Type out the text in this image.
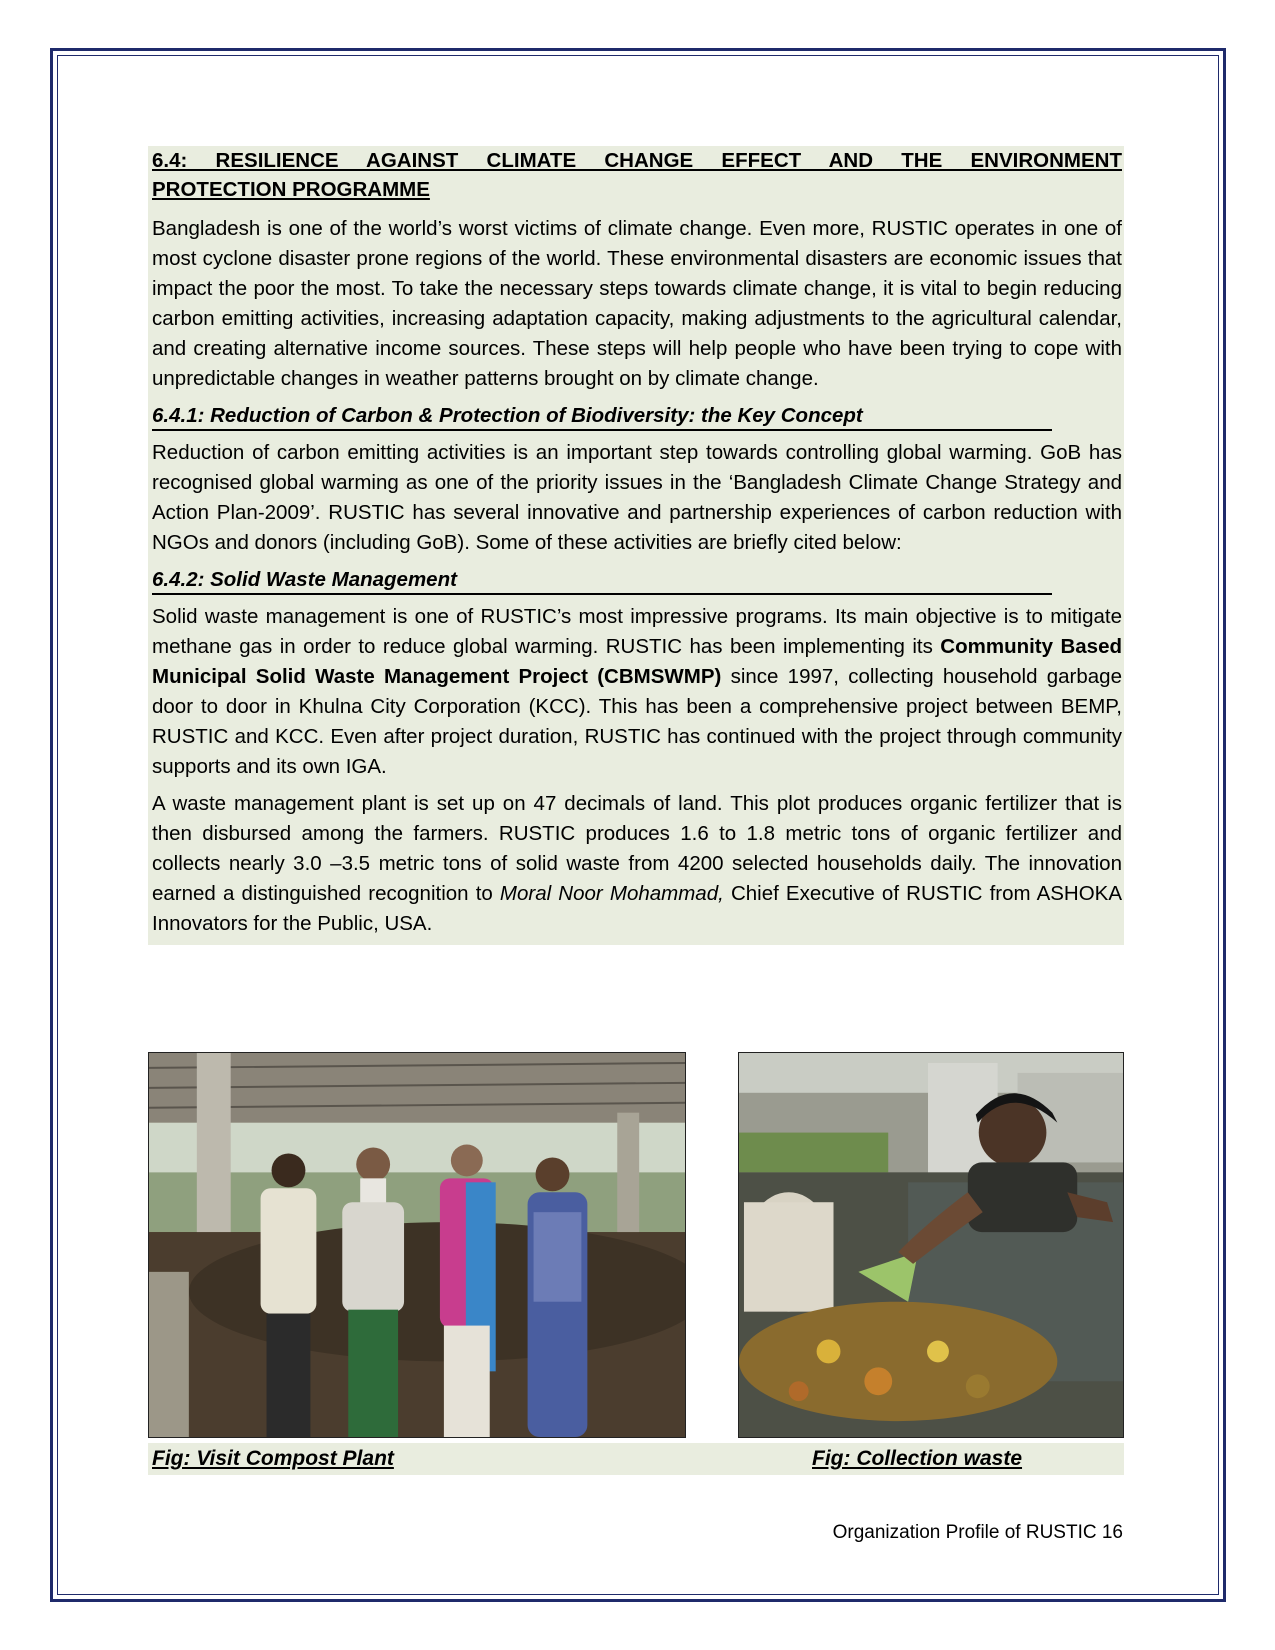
6.4: RESILIENCE AGAINST CLIMATE CHANGE EFFECT AND THE ENVIRONMENT
PROTECTION PROGRAMME

Bangladesh is one of the world’s worst victims of climate change. Even more, RUSTIC operates in one of most cyclone disaster prone regions of the world. These environmental disasters are economic issues that impact the poor the most. To take the necessary steps towards climate change, it is vital to begin reducing carbon emitting activities, increasing adaptation capacity, making adjustments to the agricultural calendar, and creating alternative income sources. These steps will help people who have been trying to cope with unpredictable changes in weather patterns brought on by climate change.

6.4.1: Reduction of Carbon & Protection of Biodiversity: the Key Concept

Reduction of carbon emitting activities is an important step towards controlling global warming. GoB has recognised global warming as one of the priority issues in the ‘Bangladesh Climate Change Strategy and Action Plan-2009’. RUSTIC has several innovative and partnership experiences of carbon reduction with NGOs and donors (including GoB). Some of these activities are briefly cited below:

6.4.2: Solid Waste Management

Solid waste management is one of RUSTIC’s most impressive programs. Its main objective is to mitigate methane gas in order to reduce global warming. RUSTIC has been implementing its Community Based Municipal Solid Waste Management Project (CBMSWMP) since 1997, collecting household garbage door to door in Khulna City Corporation (KCC). This has been a comprehensive project between BEMP, RUSTIC and KCC. Even after project duration, RUSTIC has continued with the project through community supports and its own IGA.

A waste management plant is set up on 47 decimals of land. This plot produces organic fertilizer that is then disbursed among the farmers. RUSTIC produces 1.6 to 1.8 metric tons of organic fertilizer and collects nearly 3.0 –3.5 metric tons of solid waste from 4200 selected households daily. The innovation earned a distinguished recognition to Moral Noor Mohammad, Chief Executive of RUSTIC from ASHOKA Innovators for the Public, USA.

Fig: Visit Compost Plant	Fig: Collection waste
Organization Profile of RUSTIC 16
